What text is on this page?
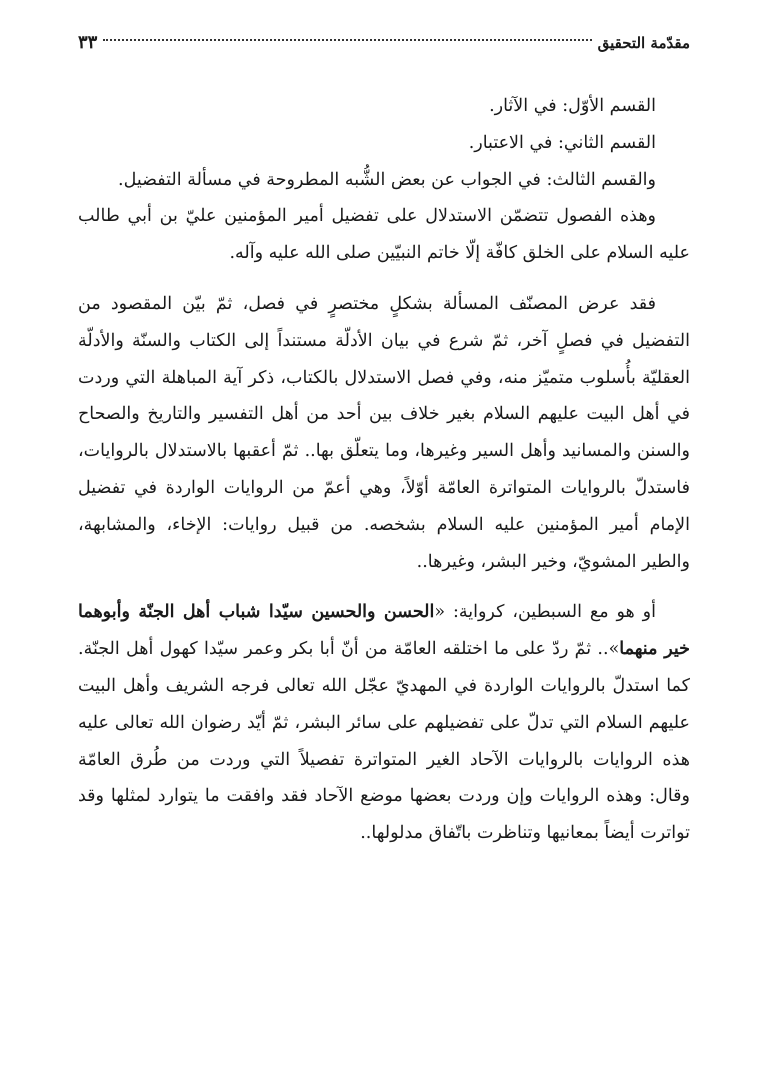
مقدّمة التحقيق
٣٣

القسم الأوّل: في الآثار.

القسم الثاني: في الاعتبار.

والقسم الثالث: في الجواب عن بعض الشُّبه المطروحة في مسألة التفضيل.

وهذه الفصول تتضمّن الاستدلال على تفضيل أمير المؤمنين عليّ بن أبي طالب عليه السلام على الخلق كافّة إلّا خاتم النبيّين صلى الله عليه وآله.

فقد عرض المصنّف المسألة بشكلٍ مختصرٍ في فصل، ثمّ بيّن المقصود من التفضيل في فصلٍ آخر، ثمّ شرع في بيان الأدلّة مستنداً إلى الكتاب والسنّة والأدلّة العقليّة بأُسلوب متميّز منه، وفي فصل الاستدلال بالكتاب، ذكر آية المباهلة التي وردت في أهل البيت عليهم السلام بغير خلاف بين أحد من أهل التفسير والتاريخ والصحاح والسنن والمسانيد وأهل السير وغيرها، وما يتعلّق بها.. ثمّ أعقبها بالاستدلال بالروايات، فاستدلّ بالروايات المتواترة العامّة أوّلاً، وهي أعمّ من الروايات الواردة في تفضيل الإمام أمير المؤمنين عليه السلام بشخصه. من قبيل روايات: الإخاء، والمشابهة، والطير المشويّ، وخير البشر، وغيرها..

أو هو مع السبطين، كرواية: «الحسن والحسين سيّدا شباب أهل الجنّة وأبوهما خير منهما».. ثمّ ردّ على ما اختلقه العامّة من أنّ أبا بكر وعمر سيّدا كهول أهل الجنّة. كما استدلّ بالروايات الواردة في المهديّ عجّل الله تعالى فرجه الشريف وأهل البيت عليهم السلام التي تدلّ على تفضيلهم على سائر البشر، ثمّ أيّد رضوان الله تعالى عليه هذه الروايات بالروايات الآحاد الغير المتواترة تفصيلاً التي وردت من طُرق العامّة وقال: وهذه الروايات وإن وردت بعضها موضع الآحاد فقد وافقت ما يتوارد لمثلها وقد تواترت أيضاً بمعانيها وتناظرت باتّفاق مدلولها..
